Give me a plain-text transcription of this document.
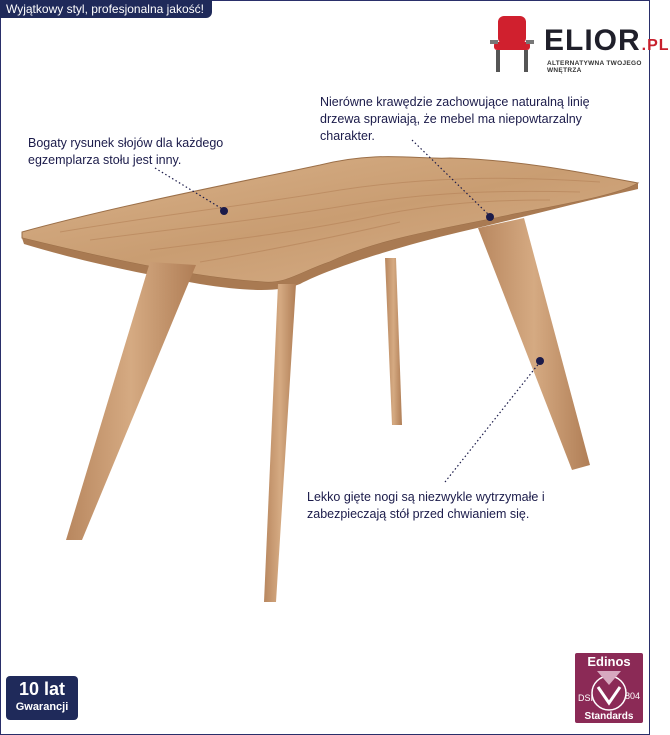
Wyjątkowy styl, profesjonalna jakość!
ELIOR.PL
ALTERNATYWNA TWOJEGO WNĘTRZA
Bogaty rysunek słojów dla każdego egzemplarza stołu jest inny.
Nierówne krawędzie zachowujące naturalną linię drzewa sprawiają, że mebel ma niepowtarzalny charakter.
Lekko gięte nogi są niezwykle wytrzymałe i zabezpieczają stół przed chwianiem się.
10 lat
Gwarancji
Edinos
DSI	804
Standards
